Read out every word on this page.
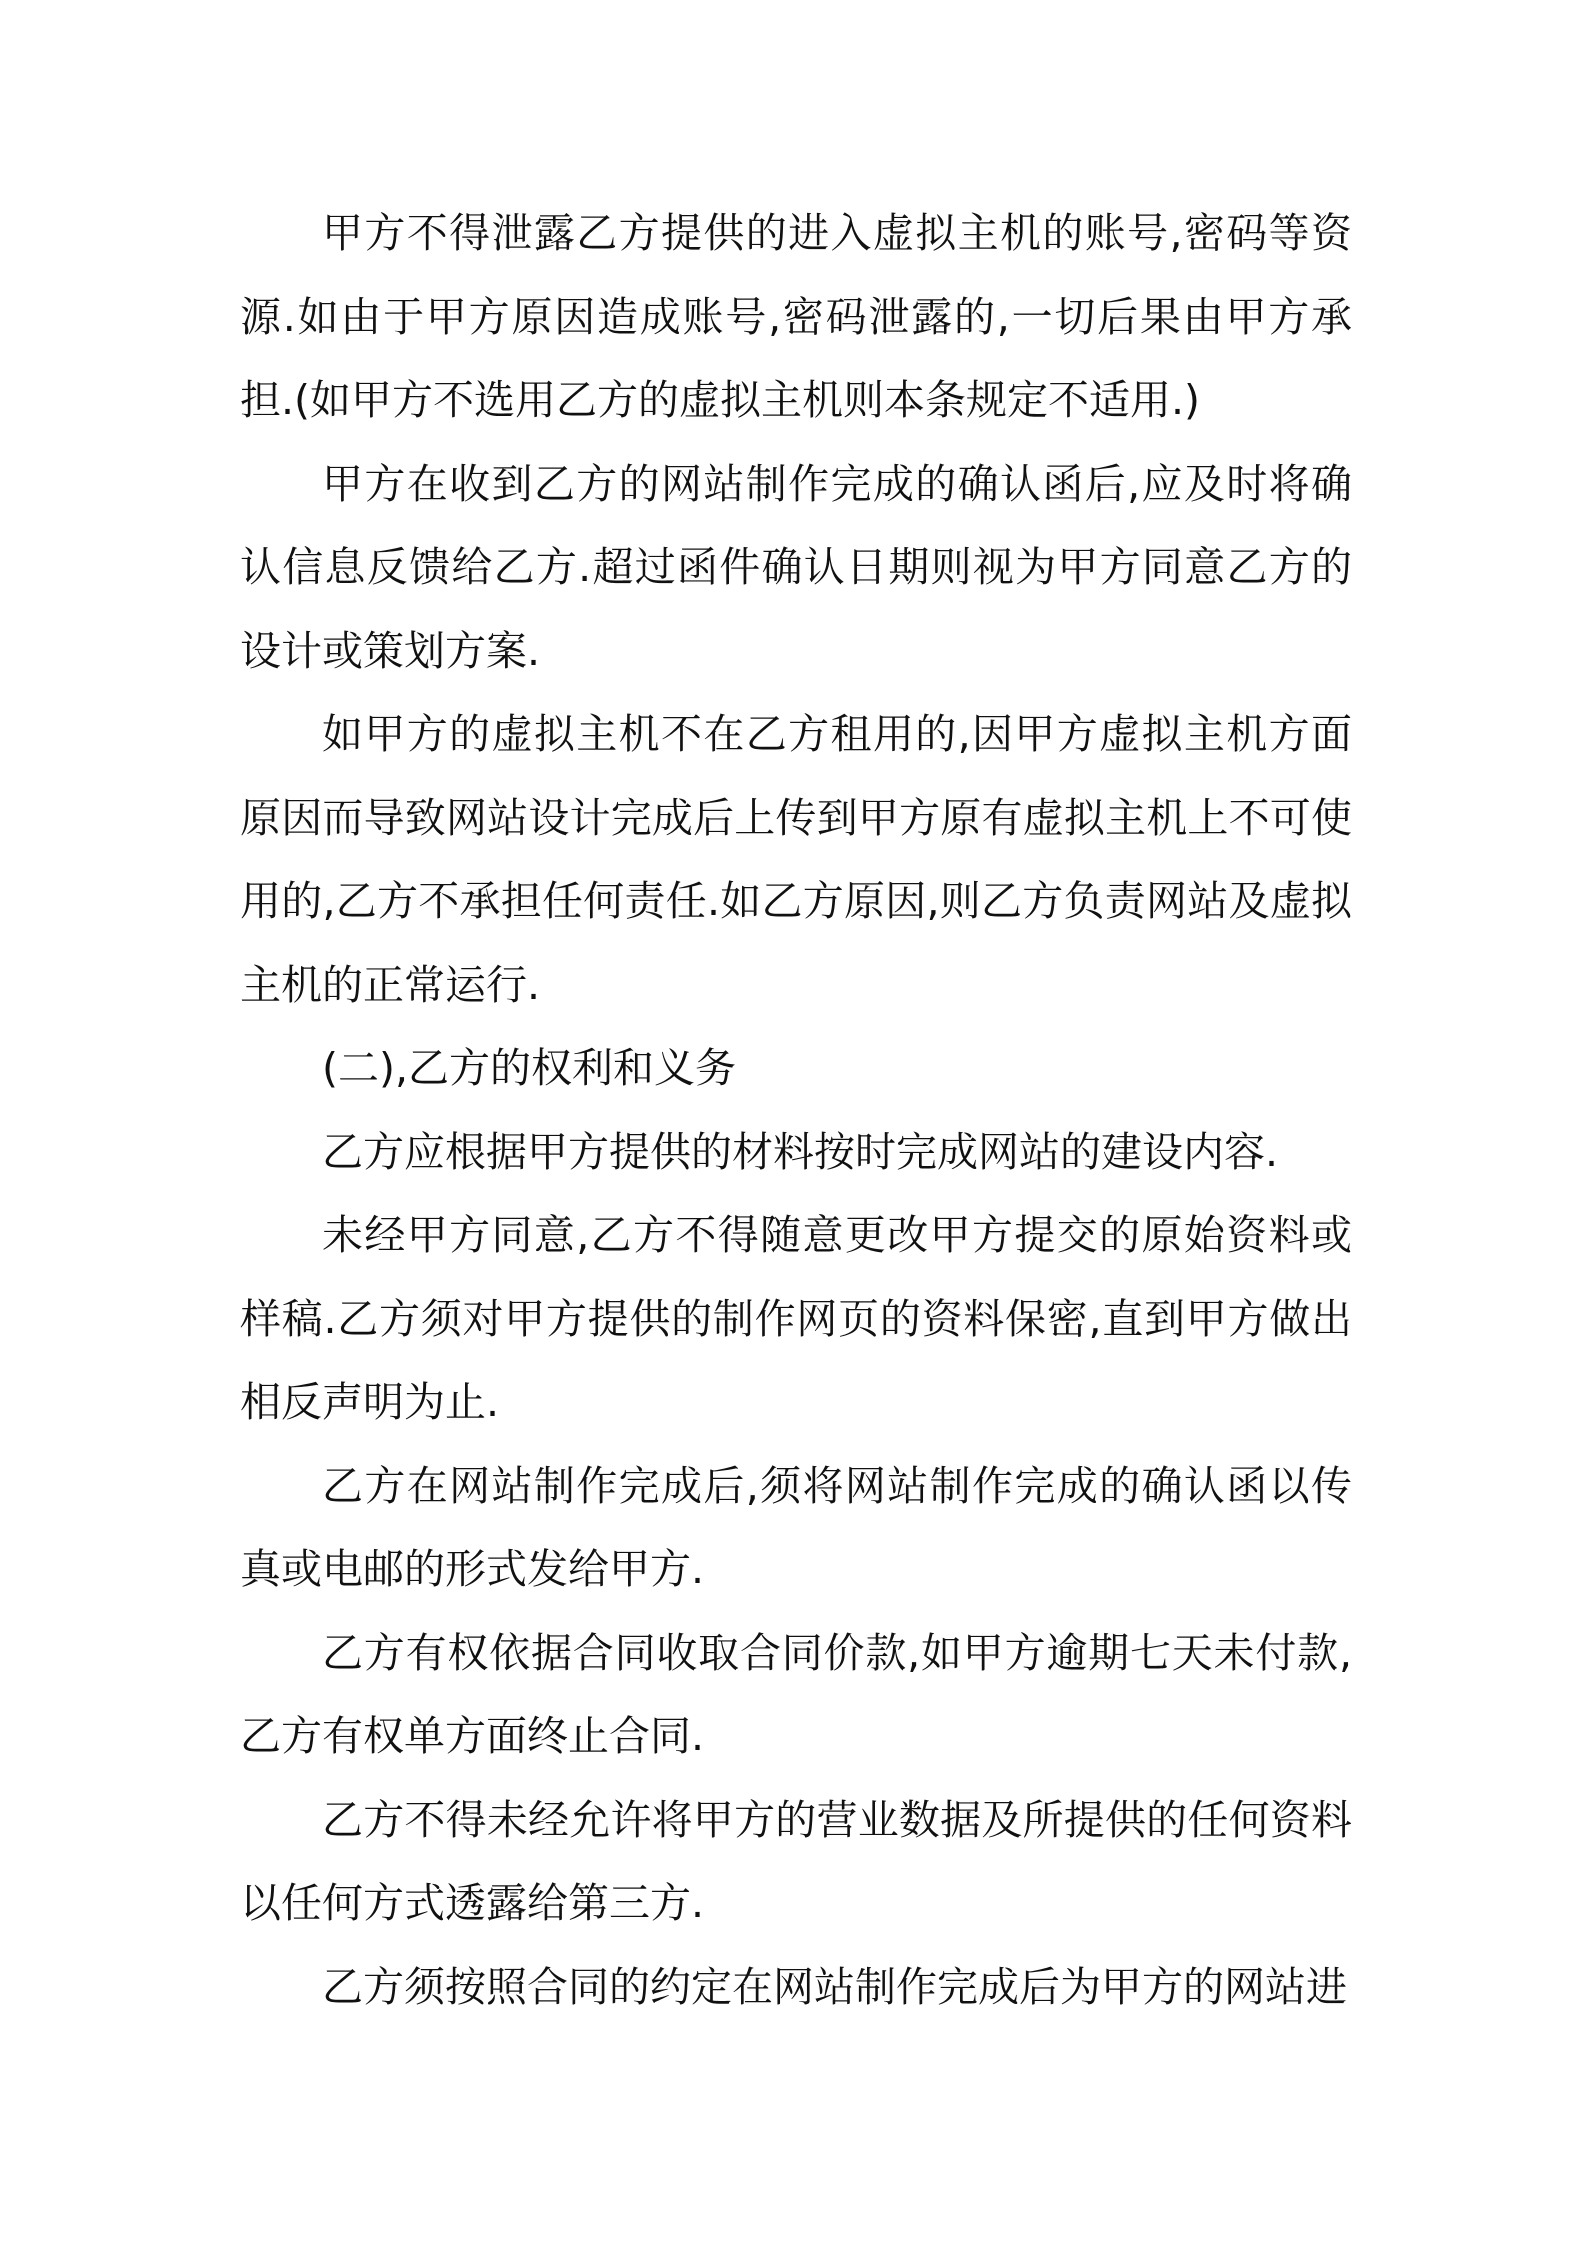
甲方不得泄露乙方提供的进入虚拟主机的账号,密码等资源.如由于甲方原因造成账号,密码泄露的,一切后果由甲方承担.(如甲方不选用乙方的虚拟主机则本条规定不适用.)

甲方在收到乙方的网站制作完成的确认函后,应及时将确认信息反馈给乙方.超过函件确认日期则视为甲方同意乙方的设计或策划方案.

如甲方的虚拟主机不在乙方租用的,因甲方虚拟主机方面原因而导致网站设计完成后上传到甲方原有虚拟主机上不可使用的,乙方不承担任何责任.如乙方原因,则乙方负责网站及虚拟主机的正常运行.

(二),乙方的权利和义务

乙方应根据甲方提供的材料按时完成网站的建设内容.

未经甲方同意,乙方不得随意更改甲方提交的原始资料或样稿.乙方须对甲方提供的制作网页的资料保密,直到甲方做出相反声明为止.

乙方在网站制作完成后,须将网站制作完成的确认函以传真或电邮的形式发给甲方.

乙方有权依据合同收取合同价款,如甲方逾期七天未付款,乙方有权单方面终止合同.

乙方不得未经允许将甲方的营业数据及所提供的任何资料以任何方式透露给第三方.

乙方须按照合同的约定在网站制作完成后为甲方的网站进
